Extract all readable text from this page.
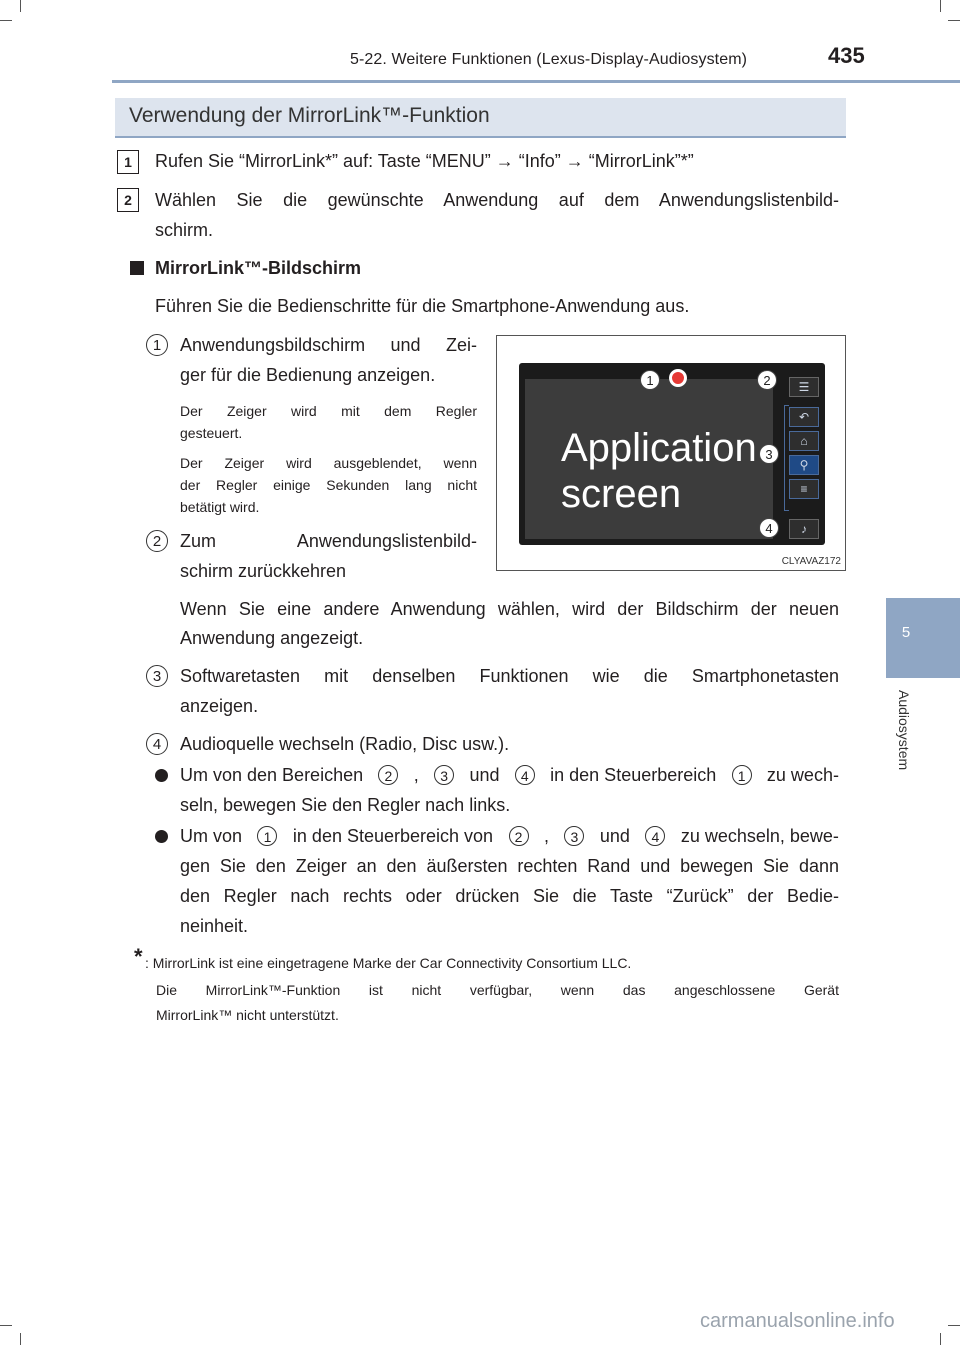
5-22. Weitere Funktionen (Lexus-Display-Audiosystem)	435
5
Audiosystem
Verwendung der MirrorLink™-Funktion
1	Rufen Sie “MirrorLink*” auf: Taste “MENU” → “Info” → “MirrorLink”*”
2	Wählen Sie die gewünschte Anwendung auf dem Anwendungslistenbild-
schirm.
MirrorLink™-Bildschirm
Führen Sie die Bedienschritte für die Smartphone-Anwendung aus.
1	Anwendungsbildschirm und Zei-
ger für die Bedienung anzeigen.
Der Zeiger wird mit dem Regler
gesteuert.
Der Zeiger wird ausgeblendet, wenn
der Regler einige Sekunden lang nicht
betätigt wird.
2	Zum Anwendungslistenbild-
schirm zurückkehren
Wenn Sie eine andere Anwendung wählen, wird der Bildschirm der neuen
Anwendung angezeigt.
3	Softwaretasten mit denselben Funktionen wie die Smartphonetasten
anzeigen.
4	Audioquelle wechseln (Radio, Disc usw.).
Um von den Bereichen	2	,	3	und	4	in den Steuerbereich	1	zu wech-
seln, bewegen Sie den Regler nach links.
Um von	1	in den Steuerbereich von	2	,	3	und	4	zu wechseln, bewe-
gen Sie den Zeiger an den äußersten rechten Rand und bewegen Sie dann
den Regler nach rechts oder drücken Sie die Taste “Zurück” der Bedie-
neinheit.
* : MirrorLink ist eine eingetragene Marke der Car Connectivity Consortium LLC.
Die MirrorLink™-Funktion ist nicht verfügbar, wenn das angeschlossene Gerät
MirrorLink™ nicht unterstützt.
Application
screen
☰
↶
⌂
⚲
≡
♪
1	2
3
4
CLYAVAZ172
carmanualsonline.info
